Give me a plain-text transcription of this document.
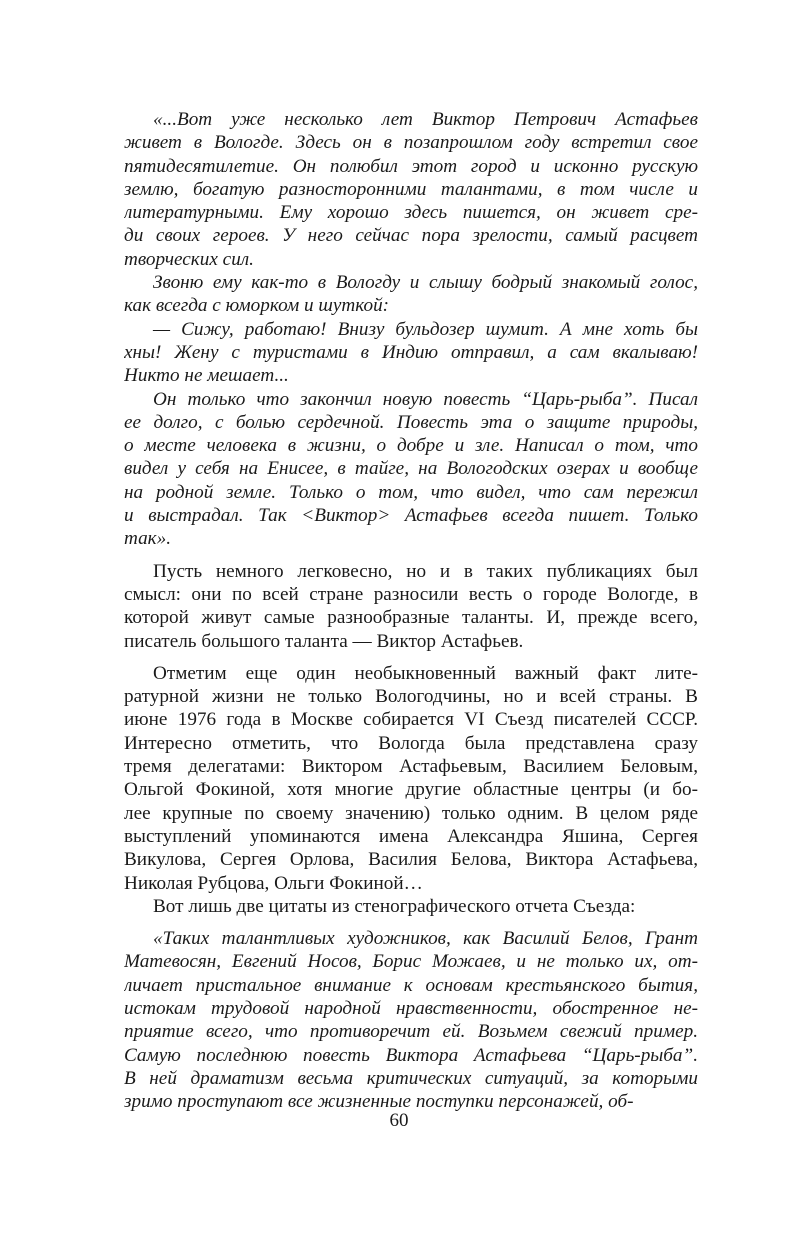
«...Вот уже несколько лет Виктор Петрович Астафьев
живет в Вологде. Здесь он в позапрошлом году встретил свое
пятидесятилетие. Он полюбил этот город и исконно русскую
землю, богатую разносторонними талантами, в том числе и
литературными. Ему хорошо здесь пишется, он живет сре-
ди своих героев. У него сейчас пора зрелости, самый расцвет
творческих сил.
Звоню ему как-то в Вологду и слышу бодрый знакомый голос,
как всегда с юморком и шуткой:
— Сижу, работаю! Внизу бульдозер шумит. А мне хоть бы
хны! Жену с туристами в Индию отправил, а сам вкалываю!
Никто не мешает...
Он только что закончил новую повесть “Царь-рыба”. Писал
ее долго, с болью сердечной. Повесть эта о защите природы,
о месте человека в жизни, о добре и зле. Написал о том, что
видел у себя на Енисее, в тайге, на Вологодских озерах и вообще
на родной земле. Только о том, что видел, что сам пережил
и выстрадал. Так <Виктор> Астафьев всегда пишет. Только
так».
Пусть немного легковесно, но и в таких публикациях был
смысл: они по всей стране разносили весть о городе Вологде, в
которой живут самые разнообразные таланты. И, прежде всего,
писатель большого таланта — Виктор Астафьев.
Отметим еще один необыкновенный важный факт лите-
ратурной жизни не только Вологодчины, но и всей страны. В
июне 1976 года в Москве собирается VI Съезд писателей СССР.
Интересно отметить, что Вологда была представлена сразу
тремя делегатами: Виктором Астафьевым, Василием Беловым,
Ольгой Фокиной, хотя многие другие областные центры (и бо-
лее крупные по своему значению) только одним. В целом ряде
выступлений упоминаются имена Александра Яшина, Сергея
Викулова, Сергея Орлова, Василия Белова, Виктора Астафьева,
Николая Рубцова, Ольги Фокиной…
Вот лишь две цитаты из стенографического отчета Съезда:
«Таких талантливых художников, как Василий Белов, Грант
Матевосян, Евгений Носов, Борис Можаев, и не только их, от-
личает пристальное внимание к основам крестьянского бытия,
истокам трудовой народной нравственности, обостренное не-
приятие всего, что противоречит ей. Возьмем свежий пример.
Самую последнюю повесть Виктора Астафьева “Царь-рыба”.
В ней драматизм весьма критических ситуаций, за которыми
зримо проступают все жизненные поступки персонажей, об-
60
